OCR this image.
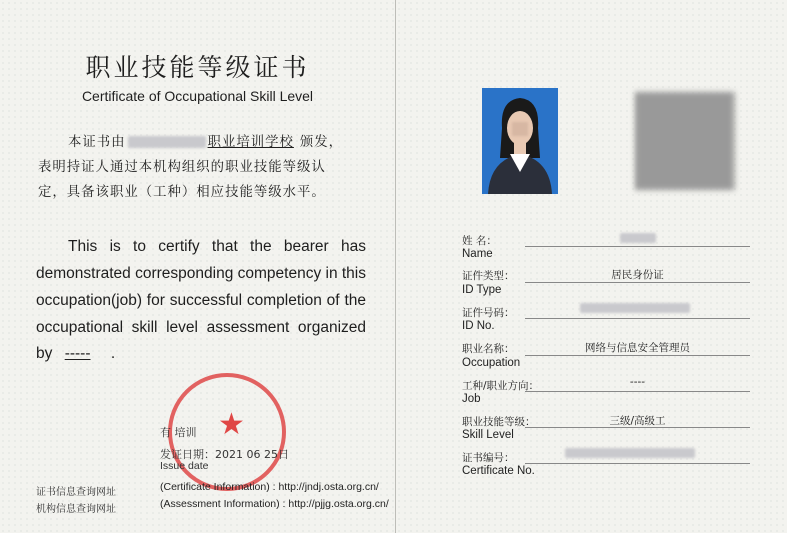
职业技能等级证书
Certificate of Occupational Skill Level
本证书由	职业培训学校 颁发，
表明持证人通过本机构组织的职业技能等级认
定，具备该职业（工种）相应技能等级水平。
This is to certify that the bearer has
demonstrated corresponding competency in this
occupation(job) for successful completion of the
occupational skill level assessment organized
by ----- .
★
有 培训
发证日期：2021 06 25日
Issue date
证书信息查询网址	(Certificate Information) : http://jndj.osta.org.cn/
机构信息查询网址	(Assessment Information) : http://pjjg.osta.org.cn/
姓 名：
Name
证件类型：
ID Type
居民身份证
证件号码：
ID No.
职业名称：
Occupation
网络与信息安全管理员
工种/职业方向：
Job
----
职业技能等级：
Skill Level
三级/高级工
证书编号：
Certificate No.
